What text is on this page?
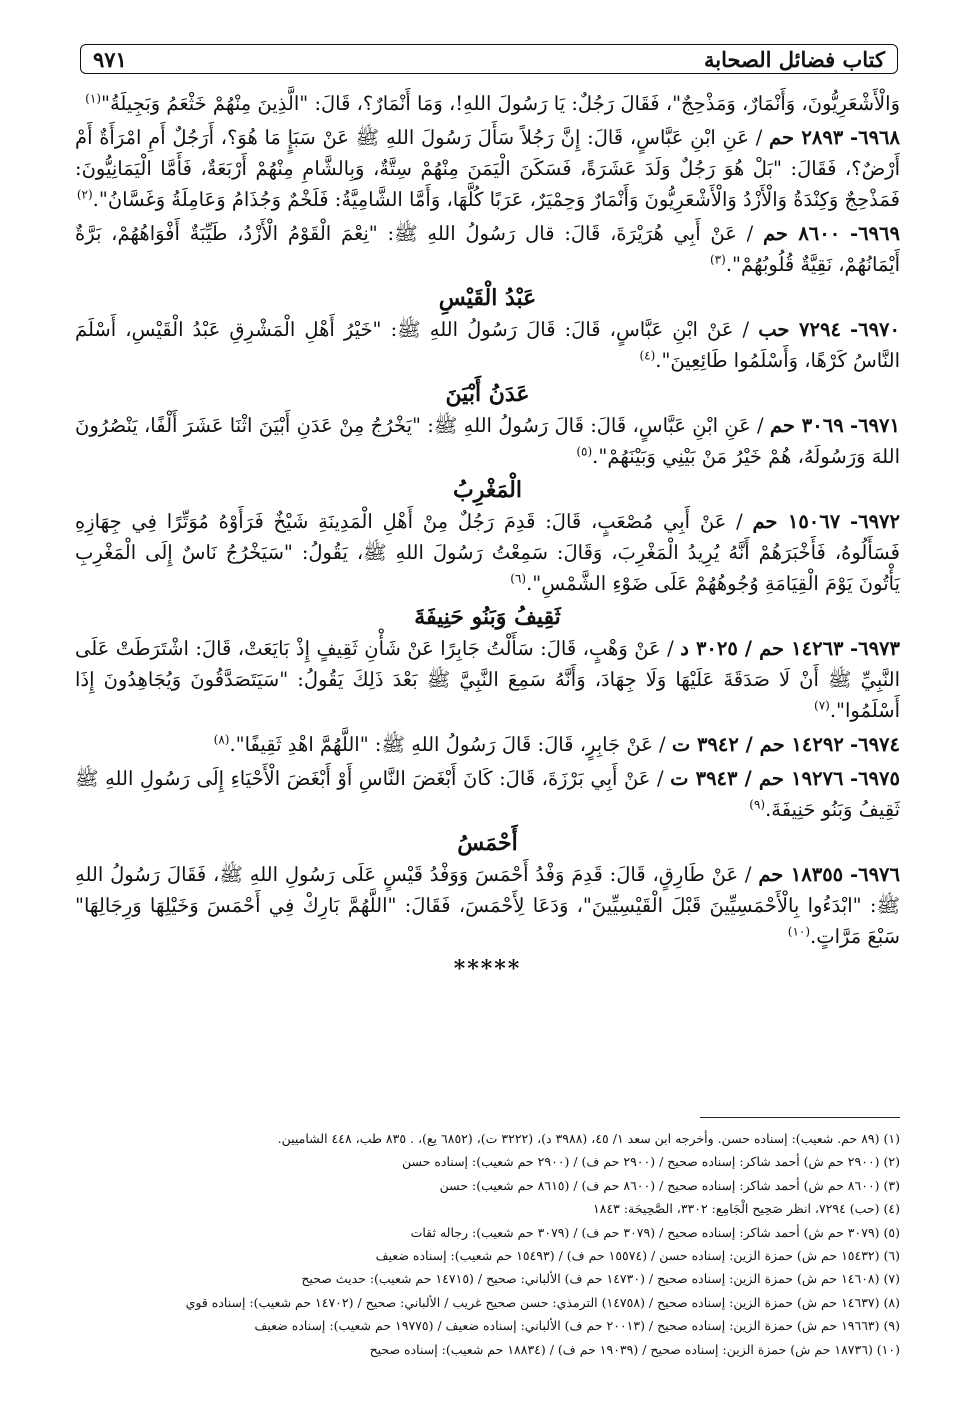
كتاب فضائل الصحابة
٩٧١

وَالْأَشْعَرِيُّونَ، وَأَنْمَارٌ، وَمَذْحِجٌ"، فَقَالَ رَجُلٌ: يَا رَسُولَ اللهِ!، وَمَا أَنْمَارٌ؟، قَالَ: "الَّذِينَ مِنْهُمْ خَثْعَمُ وَبَجِيلَةُ"$^{(١)}$

٦٩٦٨- ٢٨٩٣ حم / عَنِ ابْنِ عَبَّاسٍ، قَالَ: إِنَّ رَجُلاً سَأَلَ رَسُولَ اللهِ ﷺ عَنْ سَبَإٍ مَا هُوَ؟، أَرَجُلٌ أَمِ امْرَأَةٌ أَمْ أَرْضٌ؟، فَقَالَ: "بَلْ هُوَ رَجُلٌ وَلَدَ عَشَرَةً، فَسَكَنَ الْيَمَنَ مِنْهُمْ سِتَّةٌ، وَبِالشَّامِ مِنْهُمْ أَرْبَعَةٌ، فَأَمَّا الْيَمَانِيُّونَ: فَمَذْحِجٌ وَكِنْدَةُ وَالْأَزْدُ وَالْأَشْعَرِيُّونَ وَأَنْمَارٌ وَحِمْيَرٌ، عَرَبًا كُلَّهَا، وَأَمَّا الشَّامِيَّةُ: فَلَخْمٌ وَجُذَامُ وَعَامِلَةُ وَغَسَّانُ".$^{(٢)}$

٦٩٦٩- ٨٦٠٠ حم / عَنْ أَبِي هُرَيْرَةَ، قَالَ: قال رَسُولُ اللهِ ﷺ: "نِعْمَ الْقَوْمُ الْأَزْدُ، طَيِّبَةٌ أَفْوَاهُهُمْ، بَرَّةٌ أَيْمَانُهُمْ، نَقِيَّةٌ قُلُوبُهُمْ".$^{(٣)}$

عَبْدُ الْقَيْسِ

٦٩٧٠- ٧٢٩٤ حب / عَنْ ابْنِ عَبَّاسٍ، قَالَ: قَالَ رَسُولُ اللهِ ﷺ: "خَيْرُ أَهْلِ الْمَشْرِقِ عَبْدُ الْقَيْسِ، أَسْلَمَ النَّاسُ كَرْهًا، وَأَسْلَمُوا طَائِعِينَ".$^{(٤)}$

عَدَنُ أَبْيَنَ

٦٩٧١- ٣٠٦٩ حم / عَنِ ابْنِ عَبَّاسٍ، قَالَ: قَالَ رَسُولُ اللهِ ﷺ: "يَخْرُجُ مِنْ عَدَنِ أَبْيَنَ اثْنَا عَشَرَ أَلْفًا، يَنْصُرُونَ اللهَ وَرَسُولَهُ، هُمْ خَيْرُ مَنْ بَيْنِي وَبَيْنَهُمْ".$^{(٥)}$

الْمَغْرِبُ

٦٩٧٢- ١٥٠٦٧ حم / عَنْ أَبِي مُصْعَبٍ، قَالَ: قَدِمَ رَجُلٌ مِنْ أَهْلِ الْمَدِينَةِ شَيْخٌ فَرَأَوْهُ مُوَتِّرًا فِي جِهَازِهِ فَسَأَلُوهُ، فَأَخْبَرَهُمْ أَنَّهُ يُرِيدُ الْمَغْرِبَ، وَقَالَ: سَمِعْتُ رَسُولَ اللهِ ﷺ، يَقُولُ: "سَيَخْرُجُ نَاسٌ إِلَى الْمَغْرِبِ يَأْتُونَ يَوْمَ الْقِيَامَةِ وُجُوهُهُمْ عَلَى ضَوْءِ الشَّمْسِ".$^{(٦)}$

ثَقِيفُ وَبَنُو حَنِيفَةَ

٦٩٧٣- ١٤٢٦٣ حم / ٣٠٢٥ د / عَنْ وَهْبٍ، قَالَ: سَأَلْتُ جَابِرًا عَنْ شَأْنِ ثَقِيفٍ إِذْ بَايَعَتْ، قَالَ: اشْتَرَطَتْ عَلَى النَّبِيِّ ﷺ أَنْ لَا صَدَقَةَ عَلَيْهَا وَلَا جِهَادَ، وَأَنَّهُ سَمِعَ النَّبِيَّ ﷺ بَعْدَ ذَلِكَ يَقُولُ: "سَيَتَصَدَّقُونَ وَيُجَاهِدُونَ إِذَا أَسْلَمُوا".$^{(٧)}$

٦٩٧٤- ١٤٢٩٢ حم / ٣٩٤٢ ت / عَنْ جَابِرٍ، قَالَ: قَالَ رَسُولُ اللهِ ﷺ: "اللَّهُمَّ اهْدِ ثَقِيفًا".$^{(٨)}$

٦٩٧٥- ١٩٢٧٦ حم / ٣٩٤٣ ت / عَنْ أَبِي بَرْزَةَ، قَالَ: كَانَ أَبْغَضَ النَّاسِ أَوْ أَبْغَضَ الْأَحْيَاءِ إِلَى رَسُولِ اللهِ ﷺ ثَقِيفُ وَبَنُو حَنِيفَةَ.$^{(٩)}$

أَحْمَسُ

٦٩٧٦- ١٨٣٥٥ حم / عَنْ طَارِقٍ، قَالَ: قَدِمَ وَفْدُ أَحْمَسَ وَوَفْدُ قَيْسٍ عَلَى رَسُولِ اللهِ ﷺ، فَقَالَ رَسُولُ اللهِ ﷺ: "ابْدَءُوا بِالْأَحْمَسِيِّينَ قَبْلَ الْقَيْسِيِّينَ"، وَدَعَا لِأَحْمَسَ، فَقَالَ: "اللَّهُمَّ بَارِكْ فِي أَحْمَسَ وَخَيْلِهَا وَرِجَالِهَا" سَبْعَ مَرَّاتٍ.$^{(١٠)}$

*****
(١) (٨٩ حم. شعيب): إسناده حسن. وأخرجه ابن سعد ١/ ٤٥، (٣٩٨٨ د)، (٣٢٢٢ ت)، (٦٨٥٢ يع)، . ٨٣٥ طب، ٤٤٨ الشاميين.
(٢) (٢٩٠٠ حم ش) أحمد شاكر: إسناده صحيح / (٢٩٠٠ حم ف) / (٢٩٠٠ حم شعيب): إسناده حسن
(٣) (٨٦٠٠ حم ش) أحمد شاكر: إسناده صحيح / (٨٦٠٠ حم ف) / (٨٦١٥ حم شعيب): حسن
(٤) (حب) ٧٢٩٤، انظر صَحِيح الْجَامِع: ٣٣٠٢، الصَّحِيحَة: ١٨٤٣
(٥) (٣٠٧٩ حم ش) أحمد شاكر: إسناده صحيح / (٣٠٧٩ حم ف) / (٣٠٧٩ حم شعيب): رجاله ثقات
(٦) (١٥٤٣٢ حم ش) حمزة الزين: إسناده حسن / (١٥٥٧٤ حم ف) / (١٥٤٩٣ حم شعيب): إسناده ضعيف
(٧) (١٤٦٠٨ حم ش) حمزة الزين: إسناده صحيح / (١٤٧٣٠ حم ف) الألباني: صحيح / (١٤٧١٥ حم شعيب): حديث صحيح
(٨) (١٤٦٣٧ حم ش) حمزة الزين: إسناده صحيح / (١٤٧٥٨) الترمذي: حسن صحيح غريب / الألباني: صحيح / (١٤٧٠٢ حم شعيب): إسناده قوي
(٩) (١٩٦٦٣ حم ش) حمزة الزين: إسناده صحيح / (٢٠٠١٣ حم ف) الألباني: إسناده ضعيف / (١٩٧٧٥ حم شعيب): إسناده ضعيف
(١٠) (١٨٧٣٦ حم ش) حمزة الزين: إسناده صحيح / (١٩٠٣٩ حم ف) / (١٨٨٣٤ حم شعيب): إسناده صحيح
